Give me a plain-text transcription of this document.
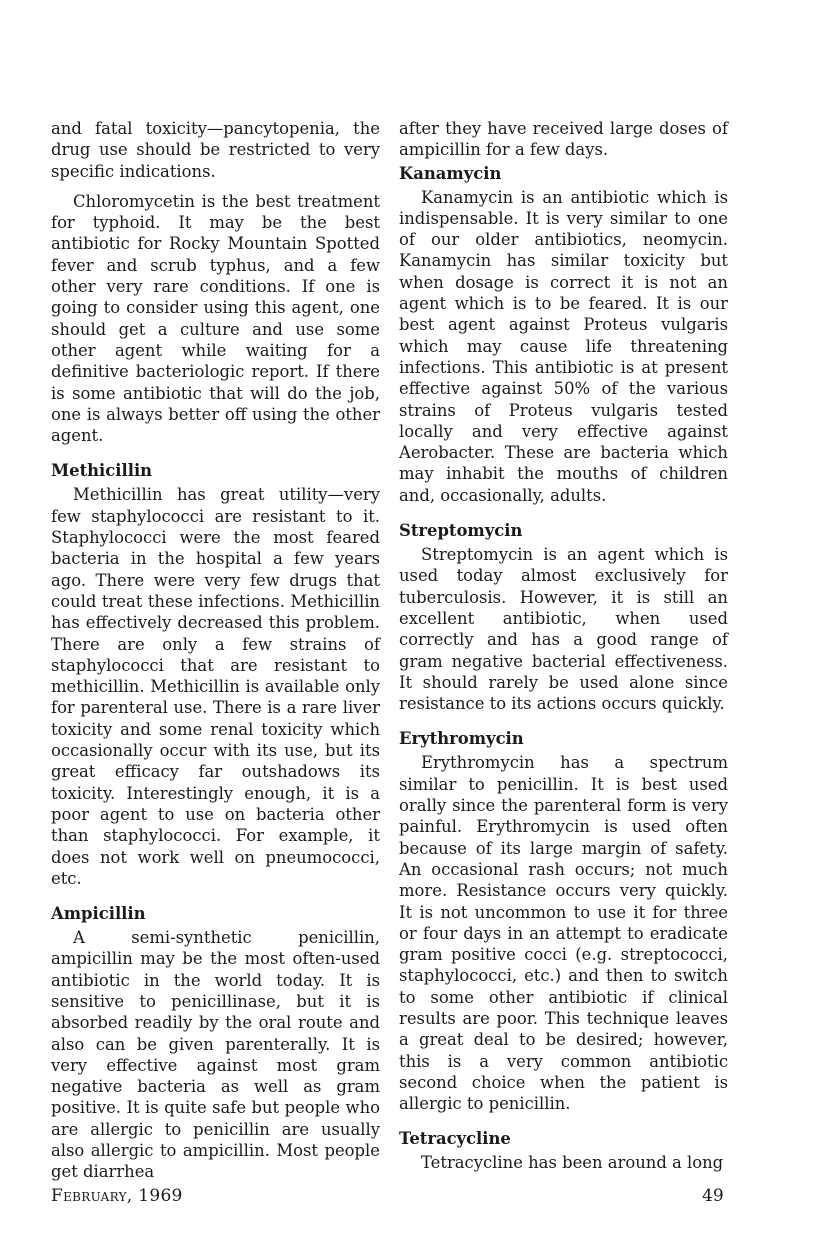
and fatal toxicity—pancytopenia, the drug use should be restricted to very specific indications.

Chloromycetin is the best treatment for typhoid. It may be the best antibiotic for Rocky Mountain Spotted fever and scrub typhus, and a few other very rare conditions. If one is going to consider using this agent, one should get a culture and use some other agent while waiting for a definitive bacteriologic report. If there is some antibiotic that will do the job, one is always better off using the other agent.

Methicillin

Methicillin has great utility—very few staphylococci are resistant to it. Staphylococci were the most feared bacteria in the hospital a few years ago. There were very few drugs that could treat these infections. Methicillin has effectively decreased this problem. There are only a few strains of staphylococci that are resistant to methicillin. Methicillin is available only for parenteral use. There is a rare liver toxicity and some renal toxicity which occasionally occur with its use, but its great efficacy far outshadows its toxicity. Interestingly enough, it is a poor agent to use on bacteria other than staphylococci. For example, it does not work well on pneumococci, etc.

Ampicillin

A semi-synthetic penicillin, ampicillin may be the most often-used antibiotic in the world today. It is sensitive to penicillinase, but it is absorbed readily by the oral route and also can be given parenterally. It is very effective against most gram negative bacteria as well as gram positive. It is quite safe but people who are allergic to penicillin are usually also allergic to ampicillin. Most people get diarrhea

after they have received large doses of ampicillin for a few days.

Kanamycin

Kanamycin is an antibiotic which is indispensable. It is very similar to one of our older antibiotics, neomycin. Kanamycin has similar toxicity but when dosage is correct it is not an agent which is to be feared. It is our best agent against Proteus vulgaris which may cause life threatening infections. This antibiotic is at present effective against 50% of the various strains of Proteus vulgaris tested locally and very effective against Aerobacter. These are bacteria which may inhabit the mouths of children and, occasionally, adults.

Streptomycin

Streptomycin is an agent which is used today almost exclusively for tuberculosis. However, it is still an excellent antibiotic, when used correctly and has a good range of gram negative bacterial effectiveness. It should rarely be used alone since resistance to its actions occurs quickly.

Erythromycin

Erythromycin has a spectrum similar to penicillin. It is best used orally since the parenteral form is very painful. Erythromycin is used often because of its large margin of safety. An occasional rash occurs; not much more. Resistance occurs very quickly. It is not uncommon to use it for three or four days in an attempt to eradicate gram positive cocci (e.g. streptococci, staphylococci, etc.) and then to switch to some other antibiotic if clinical results are poor. This technique leaves a great deal to be desired; however, this is a very common antibiotic second choice when the patient is allergic to penicillin.

Tetracycline

Tetracycline has been around a long

February, 1969	49
